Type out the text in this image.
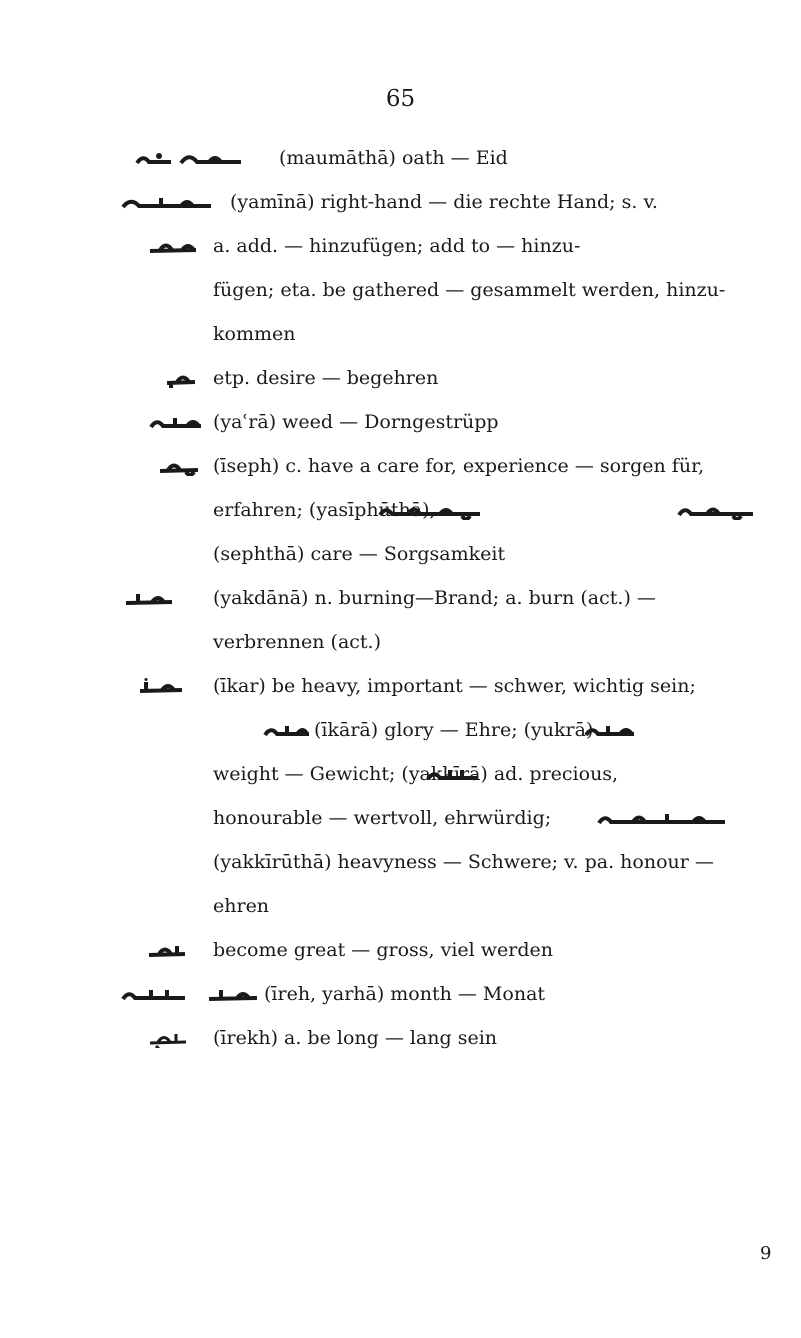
65

(maumāthā) oath — Eid
(yamīnā) right-hand — die rechte Hand; s. v.
a. add. — hinzufügen; add to — hinzu-
fügen; eta. be gathered — gesammelt werden, hinzu-
kommen
etp. desire — begehren
(yaʿrā) weed — Dorngestrüpp
(īseph) c. have a care for, experience — sorgen für,
erfahren; (yasīphūthā),
(sephthā) care — Sorgsamkeit
(yakdānā) n. burning—Brand; a. burn (act.) —
verbrennen (act.)
(īkar) be heavy, important — schwer, wichtig sein;
(īkārā) glory — Ehre; (yukrā)
weight — Gewicht; (yakkīrā) ad. precious,
honourable — wertvoll, ehrwürdig;
(yakkīrūthā) heavyness — Schwere; v. pa. honour —
ehren
become great — gross, viel werden
(īreh, yarhā) month — Monat
(īrekh) a. be long — lang sein
9
